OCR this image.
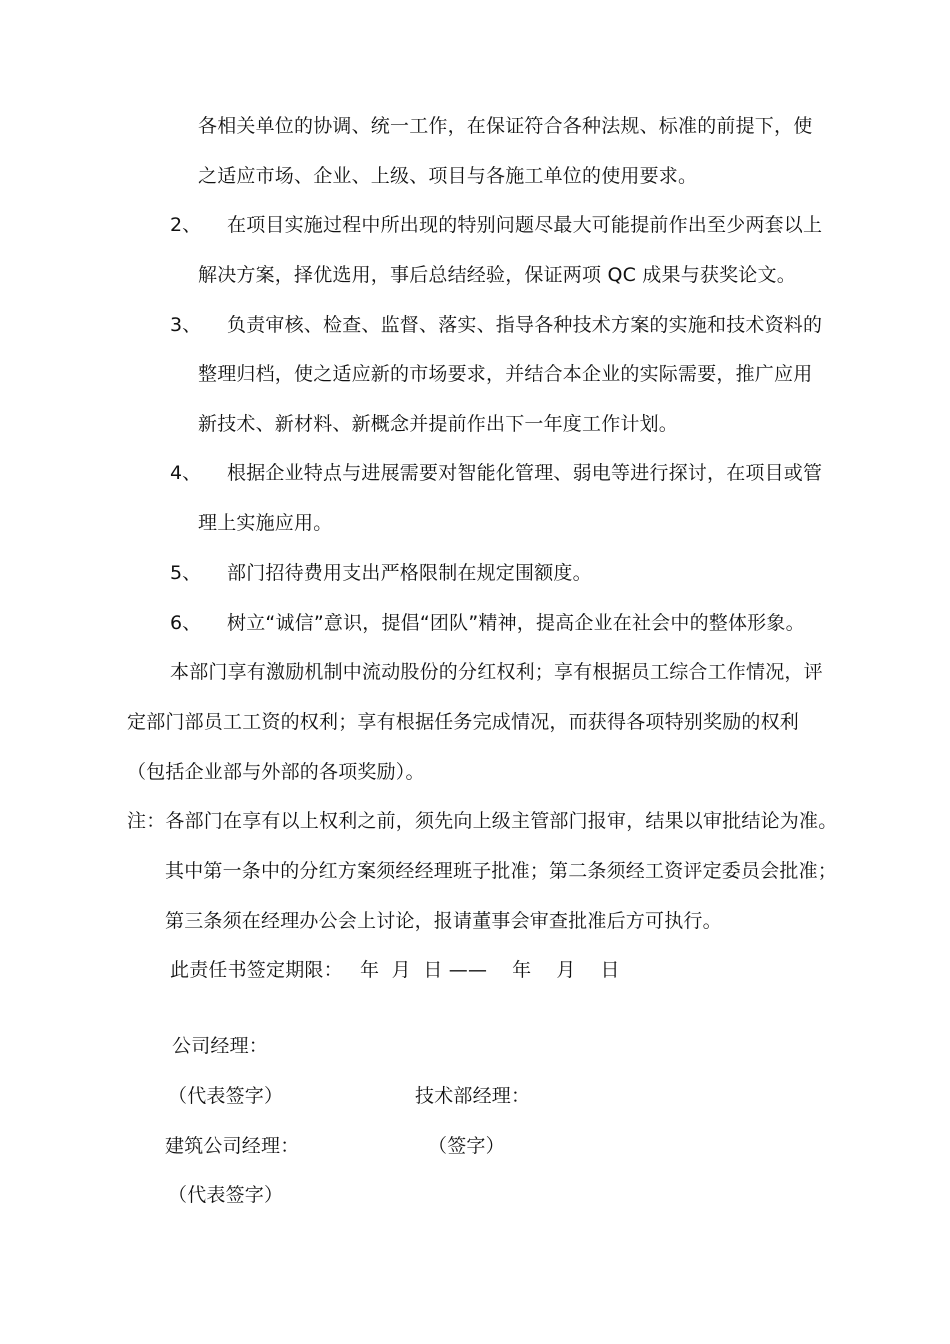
各相关单位的协调、统一工作，在保证符合各种法规、标准的前提下，使
之适应市场、企业、上级、项目与各施工单位的使用要求。
2、 在项目实施过程中所出现的特别问题尽最大可能提前作出至少两套以上
解决方案，择优选用，事后总结经验，保证两项 QC 成果与获奖论文。
3、 负责审核、检查、监督、落实、指导各种技术方案的实施和技术资料的
整理归档，使之适应新的市场要求，并结合本企业的实际需要，推广应用
新技术、新材料、新概念并提前作出下一年度工作计划。
4、 根据企业特点与进展需要对智能化管理、弱电等进行探讨，在项目或管
理上实施应用。
5、 部门招待费用支出严格限制在规定围额度。
6、 树立“诚信”意识，提倡“团队”精神，提高企业在社会中的整体形象。
本部门享有激励机制中流动股份的分红权利；享有根据员工综合工作情况，评
定部门部员工工资的权利；享有根据任务完成情况，而获得各项特别奖励的权利
（包括企业部与外部的各项奖励）。
注：各部门在享有以上权利之前，须先向上级主管部门报审，结果以审批结论为准。
其中第一条中的分红方案须经经理班子批准；第二条须经工资评定委员会批准；
第三条须在经理办公会上讨论，报请董事会审查批准后方可执行。
此责任书签定期限： 年  月  日 ——    年    月    日
公司经理：
（代表签字）	技术部经理：
建筑公司经理：	（签字）
（代表签字）
